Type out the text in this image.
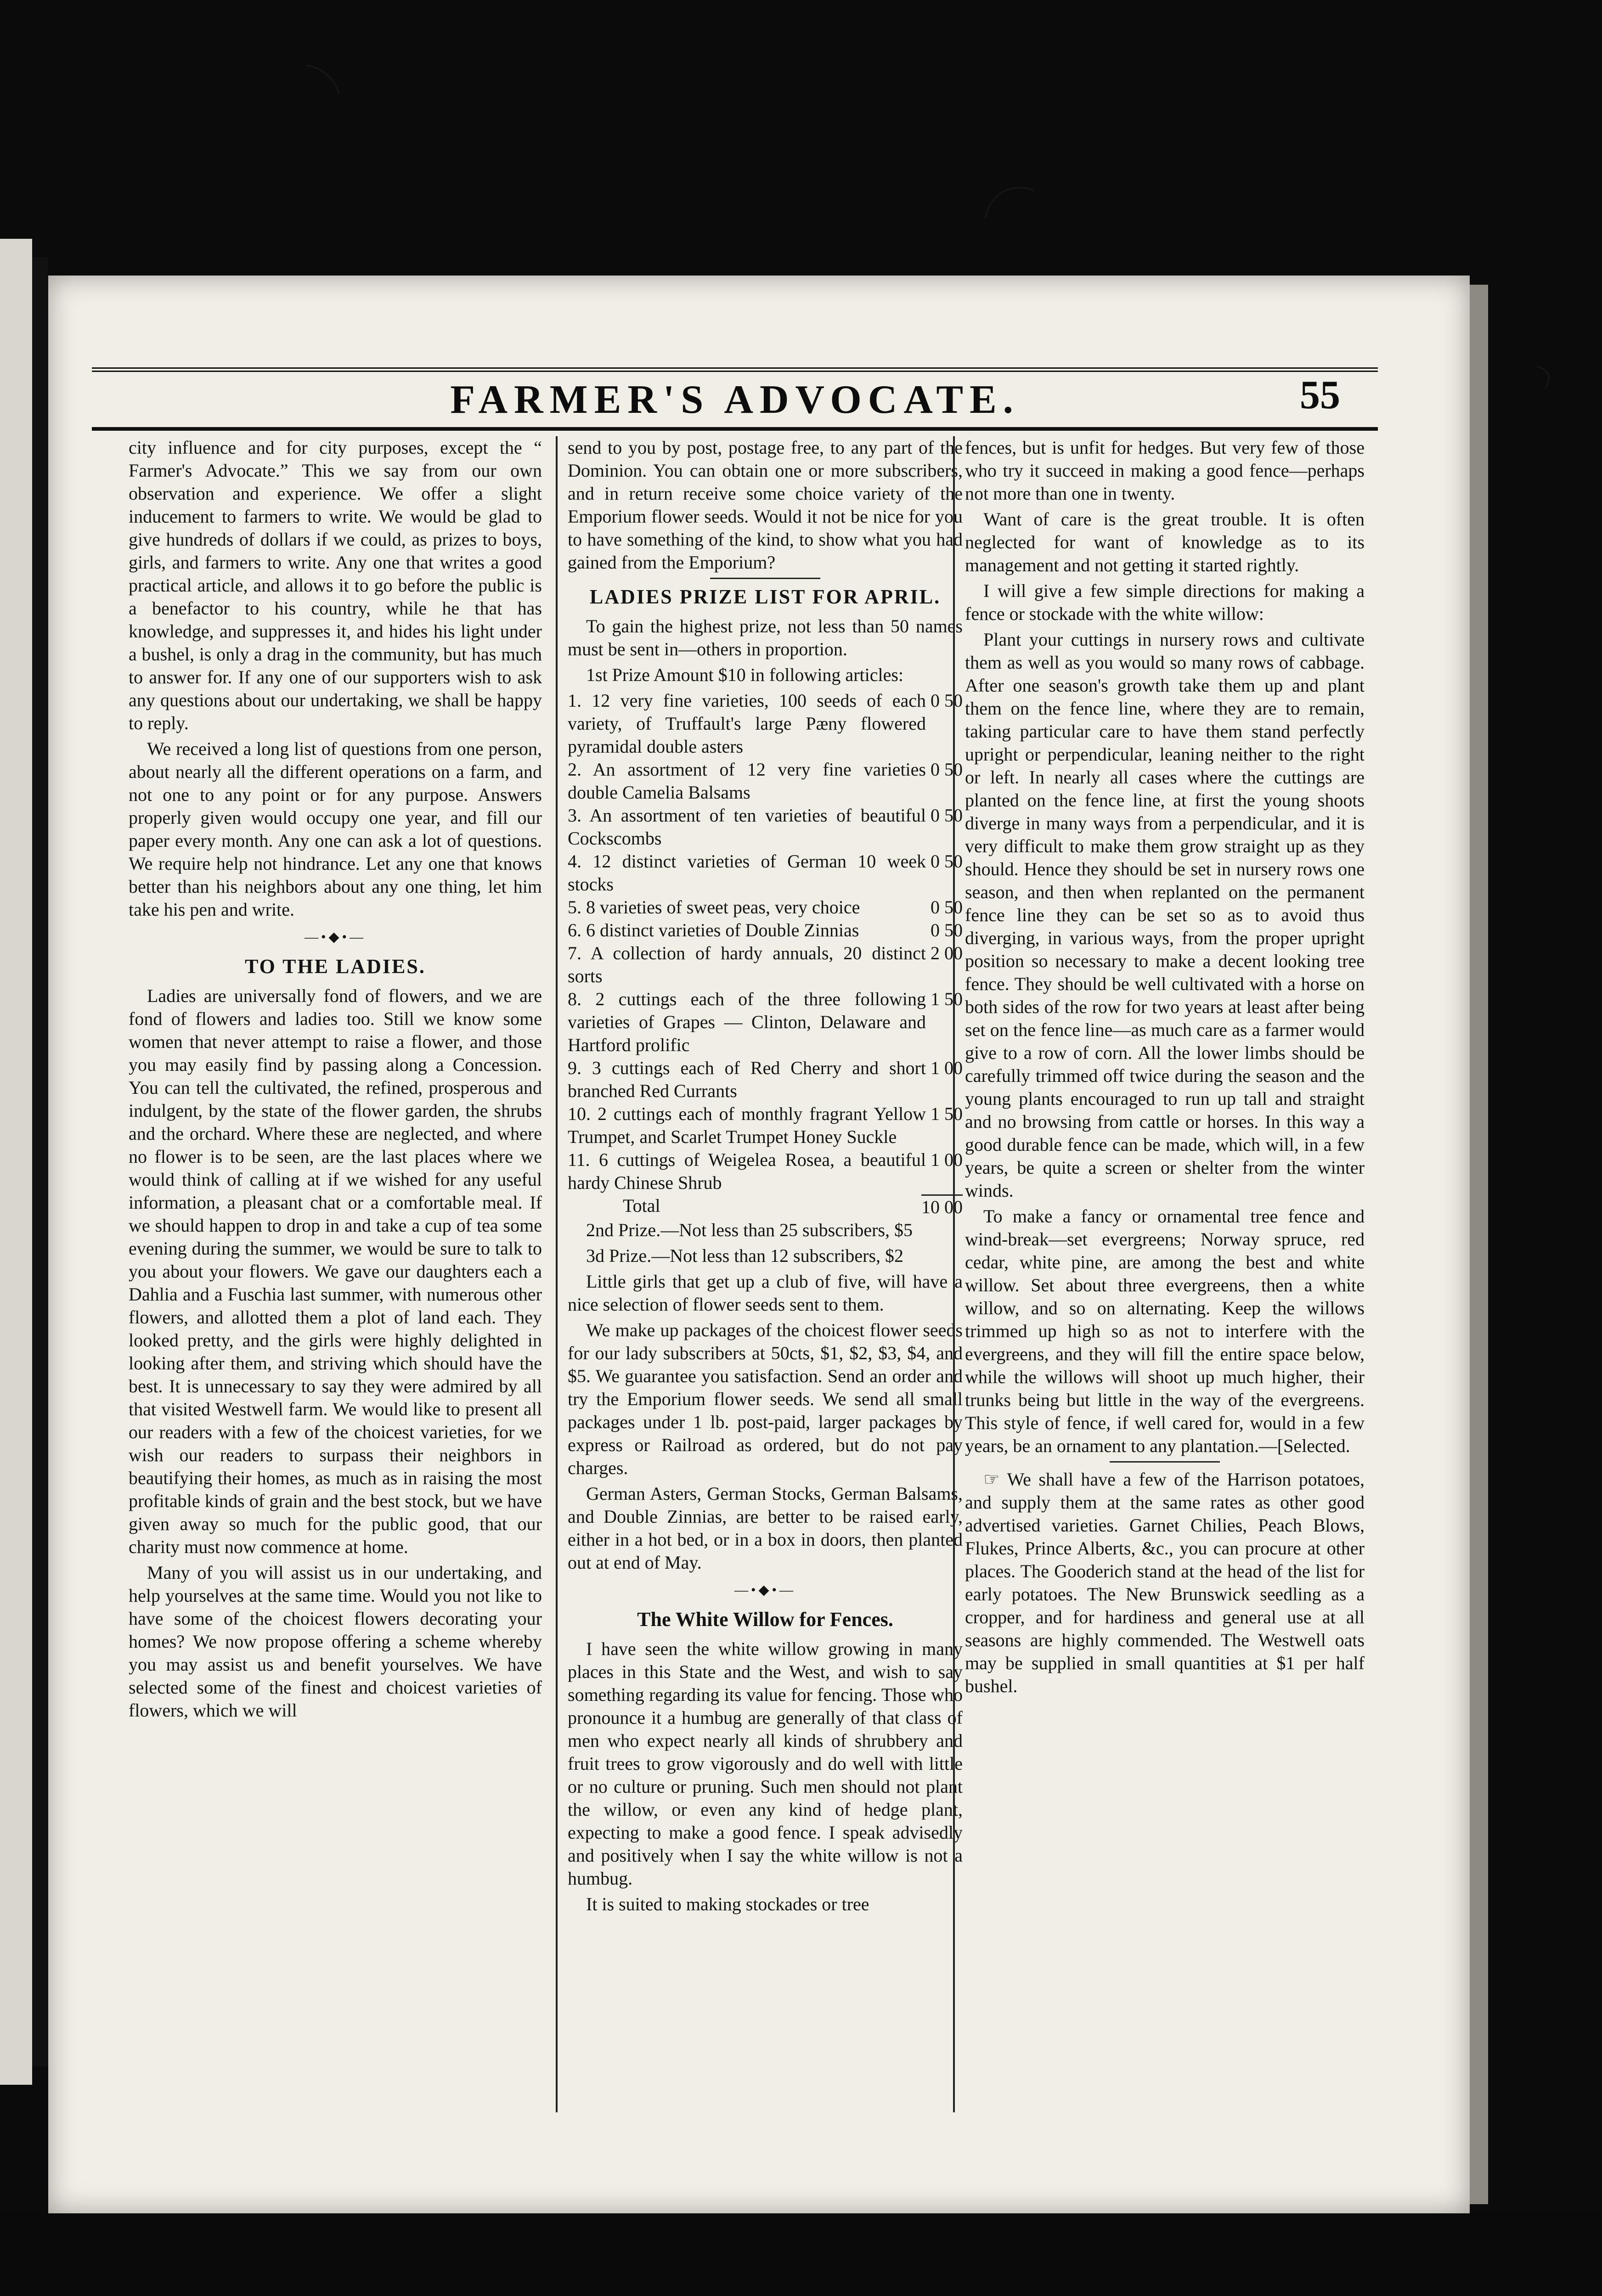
FARMER'S ADVOCATE.	55

city influence and for city purposes, except the “ Farmer's Advocate.” This we say from our own observation and experience. We offer a slight inducement to farmers to write. We would be glad to give hundreds of dollars if we could, as prizes to boys, girls, and farmers to write. Any one that writes a good practical article, and allows it to go before the public is a benefactor to his country, while he that has knowledge, and suppresses it, and hides his light under a bushel, is only a drag in the community, but has much to answer for. If any one of our supporters wish to ask any questions about our undertaking, we shall be happy to reply.

We received a long list of questions from one person, about nearly all the different operations on a farm, and not one to any point or for any purpose. Answers properly given would occupy one year, and fill our paper every month. Any one can ask a lot of questions. We require help not hindrance. Let any one that knows better than his neighbors about any one thing, let him take his pen and write.

—•◆•—
TO THE LADIES.

Ladies are universally fond of flowers, and we are fond of flowers and ladies too. Still we know some women that never attempt to raise a flower, and those you may easily find by passing along a Concession. You can tell the cultivated, the refined, prosperous and indulgent, by the state of the flower garden, the shrubs and the orchard. Where these are neglected, and where no flower is to be seen, are the last places where we would think of calling at if we wished for any useful information, a pleasant chat or a comfortable meal. If we should happen to drop in and take a cup of tea some evening during the summer, we would be sure to talk to you about your flowers. We gave our daughters each a Dahlia and a Fuschia last summer, with numerous other flowers, and allotted them a plot of land each. They looked pretty, and the girls were highly delighted in looking after them, and striving which should have the best. It is unnecessary to say they were admired by all that visited Westwell farm. We would like to present all our readers with a few of the choicest varieties, for we wish our readers to surpass their neighbors in beautifying their homes, as much as in raising the most profitable kinds of grain and the best stock, but we have given away so much for the public good, that our charity must now commence at home.

Many of you will assist us in our undertaking, and help yourselves at the same time. Would you not like to have some of the choicest flowers decorating your homes? We now propose offering a scheme whereby you may assist us and benefit yourselves. We have selected some of the finest and choicest varieties of flowers, which we will

send to you by post, postage free, to any part of the Dominion. You can obtain one or more subscribers, and in return receive some choice variety of the Emporium flower seeds. Would it not be nice for you to have something of the kind, to show what you had gained from the Emporium?

LADIES PRIZE LIST FOR APRIL.

To gain the highest prize, not less than 50 names must be sent in—others in proportion.

1st Prize Amount $10 in following articles:

1. 12 very fine varieties, 100 seeds of each variety, of Truffault's large Pæny flowered pyramidal double asters
0 50
2. An assortment of 12 very fine varieties double Camelia Balsams
0 50
3. An assortment of ten varieties of beautiful Cockscombs
0 50
4. 12 distinct varieties of German 10 week stocks
0 50
5. 8 varieties of sweet peas, very choice	0 50
6. 6 distinct varieties of Double Zinnias	0 50
7. A collection of hardy annuals, 20 distinct sorts
2 00
8. 2 cuttings each of the three following varieties of Grapes — Clinton, Delaware and Hartford prolific
1 50
9. 3 cuttings each of Red Cherry and short branched Red Currants
1 00
10. 2 cuttings each of monthly fragrant Yellow Trumpet, and Scarlet Trumpet Honey Suckle
1 50
11. 6 cuttings of Weigelea Rosea, a beautiful hardy Chinese Shrub
1 00
Total	10 00

2nd Prize.—Not less than 25 subscribers, $5

3d Prize.—Not less than 12 subscribers, $2

Little girls that get up a club of five, will have a nice selection of flower seeds sent to them.

We make up packages of the choicest flower seeds for our lady subscribers at 50cts, $1, $2, $3, $4, and $5. We guarantee you satisfaction. Send an order and try the Emporium flower seeds. We send all small packages under 1 lb. post-paid, larger packages by express or Railroad as ordered, but do not pay charges.

German Asters, German Stocks, German Balsams, and Double Zinnias, are better to be raised early, either in a hot bed, or in a box in doors, then planted out at end of May.

—•◆•—
The White Willow for Fences.

I have seen the white willow growing in many places in this State and the West, and wish to say something regarding its value for fencing. Those who pronounce it a humbug are generally of that class of men who expect nearly all kinds of shrubbery and fruit trees to grow vigorously and do well with little or no culture or pruning. Such men should not plant the willow, or even any kind of hedge plant, expecting to make a good fence. I speak advisedly and positively when I say the white willow is not a humbug.

It is suited to making stockades or tree

fences, but is unfit for hedges. But very few of those who try it succeed in making a good fence—perhaps not more than one in twenty.

Want of care is the great trouble. It is often neglected for want of knowledge as to its management and not getting it started rightly.

I will give a few simple directions for making a fence or stockade with the white willow:

Plant your cuttings in nursery rows and cultivate them as well as you would so many rows of cabbage. After one season's growth take them up and plant them on the fence line, where they are to remain, taking particular care to have them stand perfectly upright or perpendicular, leaning neither to the right or left. In nearly all cases where the cuttings are planted on the fence line, at first the young shoots diverge in many ways from a perpendicular, and it is very difficult to make them grow straight up as they should. Hence they should be set in nursery rows one season, and then when replanted on the permanent fence line they can be set so as to avoid thus diverging, in various ways, from the proper upright position so necessary to make a decent looking tree fence. They should be well cultivated with a horse on both sides of the row for two years at least after being set on the fence line—as much care as a farmer would give to a row of corn. All the lower limbs should be carefully trimmed off twice during the season and the young plants encouraged to run up tall and straight and no browsing from cattle or horses. In this way a good durable fence can be made, which will, in a few years, be quite a screen or shelter from the winter winds.

To make a fancy or ornamental tree fence and wind-break—set evergreens; Norway spruce, red cedar, white pine, are among the best and white willow. Set about three evergreens, then a white willow, and so on alternating. Keep the willows trimmed up high so as not to interfere with the evergreens, and they will fill the entire space below, while the willows will shoot up much higher, their trunks being but little in the way of the evergreens. This style of fence, if well cared for, would in a few years, be an ornament to any plantation.—[Selected.

☞ We shall have a few of the Harrison potatoes, and supply them at the same rates as other good advertised varieties. Garnet Chilies, Peach Blows, Flukes, Prince Alberts, &c., you can procure at other places. The Gooderich stand at the head of the list for early potatoes. The New Brunswick seedling as a cropper, and for hardiness and general use at all seasons are highly commended. The Westwell oats may be supplied in small quantities at $1 per half bushel.
